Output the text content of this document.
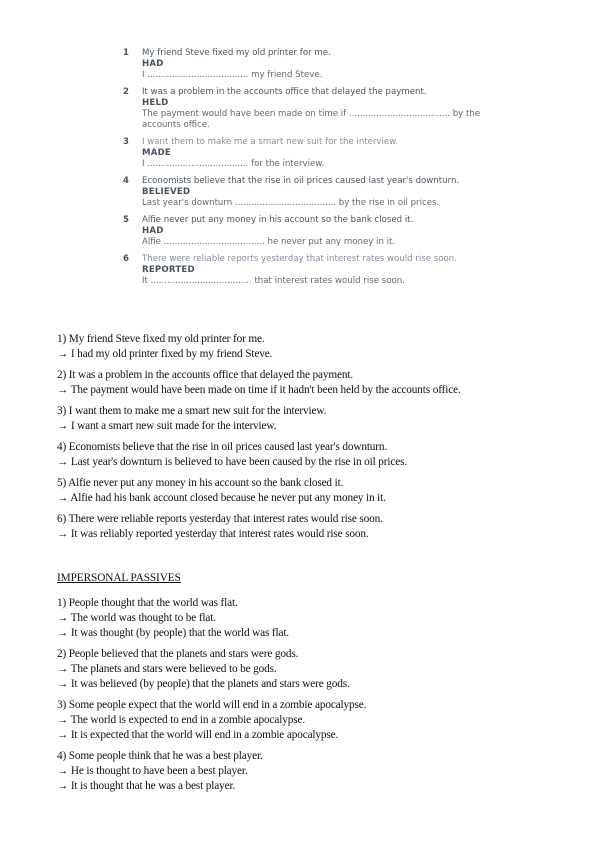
1 My friend Steve fixed my old printer for me.
HAD
I ..................................... my friend Steve.
2 It was a problem in the accounts office that delayed the payment.
HELD
The payment would have been made on time if ..................................... by the accounts office.
3 I want them to make me a smart new suit for the interview.
MADE
I ..................................... for the interview.
4 Economists believe that the rise in oil prices caused last year's downturn.
BELIEVED
Last year's downturn ..................................... by the rise in oil prices.
5 Alfie never put any money in his account so the bank closed it.
HAD
Alfie ..................................... he never put any money in it.
6 There were reliable reports yesterday that interest rates would rise soon.
REPORTED
It ..................................... that interest rates would rise soon.
1) My friend Steve fixed my old printer for me.
→ I had my old printer fixed by my friend Steve.
2) It was a problem in the accounts office that delayed the payment.
→ The payment would have been made on time if it hadn't been held by the accounts office.
3) I want them to make me a smart new suit for the interview.
→ I want a smart new suit made for the interview.
4) Economists believe that the rise in oil prices caused last year's downturn.
→ Last year's downturn is believed to have been caused by the rise in oil prices.
5) Alfie never put any money in his account so the bank closed it.
→ Alfie had his bank account closed because he never put any money in it.
6) There were reliable reports yesterday that interest rates would rise soon.
→ It was reliably reported yesterday that interest rates would rise soon.
IMPERSONAL PASSIVES
1) People thought that the world was flat.
→ The world was thought to be flat.
→ It was thought (by people) that the world was flat.
2) People believed that the planets and stars were gods.
→ The planets and stars were believed to be gods.
→ It was believed (by people) that the planets and stars were gods.
3) Some people expect that the world will end in a zombie apocalypse.
→ The world is expected to end in a zombie apocalypse.
→ It is expected that the world will end in a zombie apocalypse.
4) Some people think that he was a best player.
→ He is thought to have been a best player.
→ It is thought that he was a best player.
